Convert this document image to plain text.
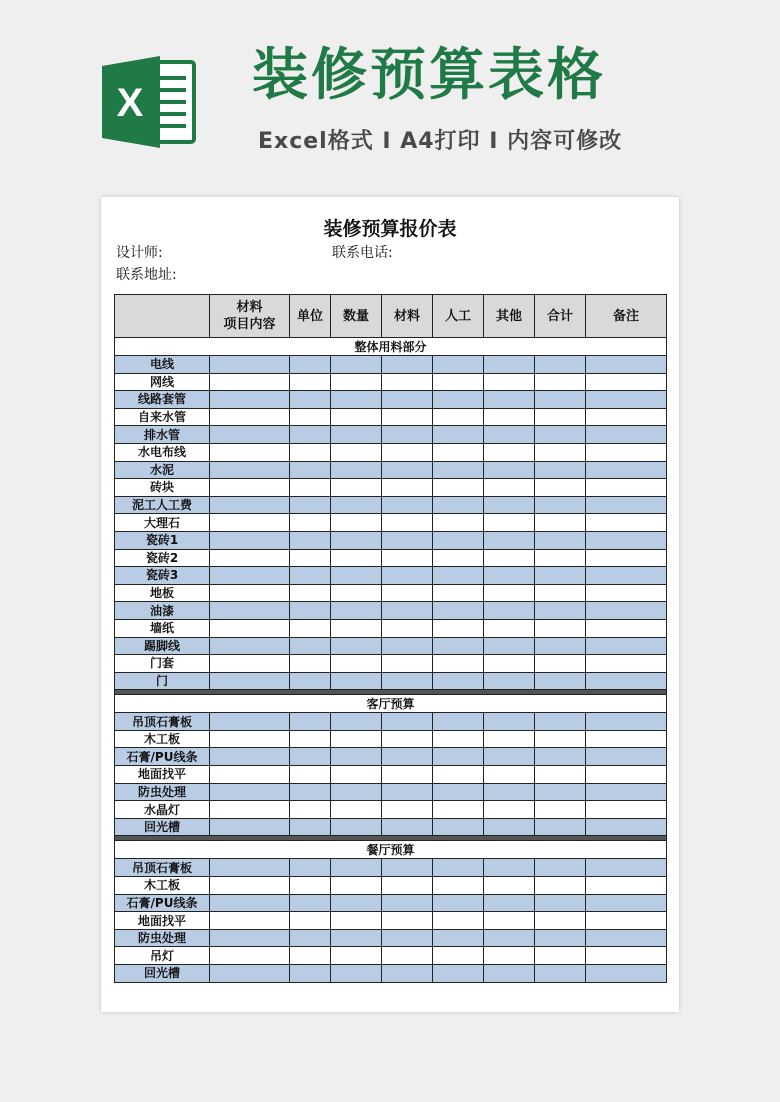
X 装修预算表格
Excel格式 I A4打印 I 内容可修改
装修预算报价表
设计师:	联系电话:
联系地址:
	材料
项目内容	单位	数量	材料	人工	其他	合计	备注
整体用料部分								
电线								
网线								
线路套管								
自来水管								
排水管								
水电布线								
水泥								
砖块								
泥工人工费								
大理石								
瓷砖1								
瓷砖2								
瓷砖3								
地板								
油漆								
墙纸								
踢脚线								
门套								
门								

客厅预算								
吊顶石膏板								
木工板								
石膏/PU线条								
地面找平								
防虫处理								
水晶灯								
回光槽								

餐厅预算								
吊顶石膏板								
木工板								
石膏/PU线条								
地面找平								
防虫处理								
吊灯								
回光槽								
